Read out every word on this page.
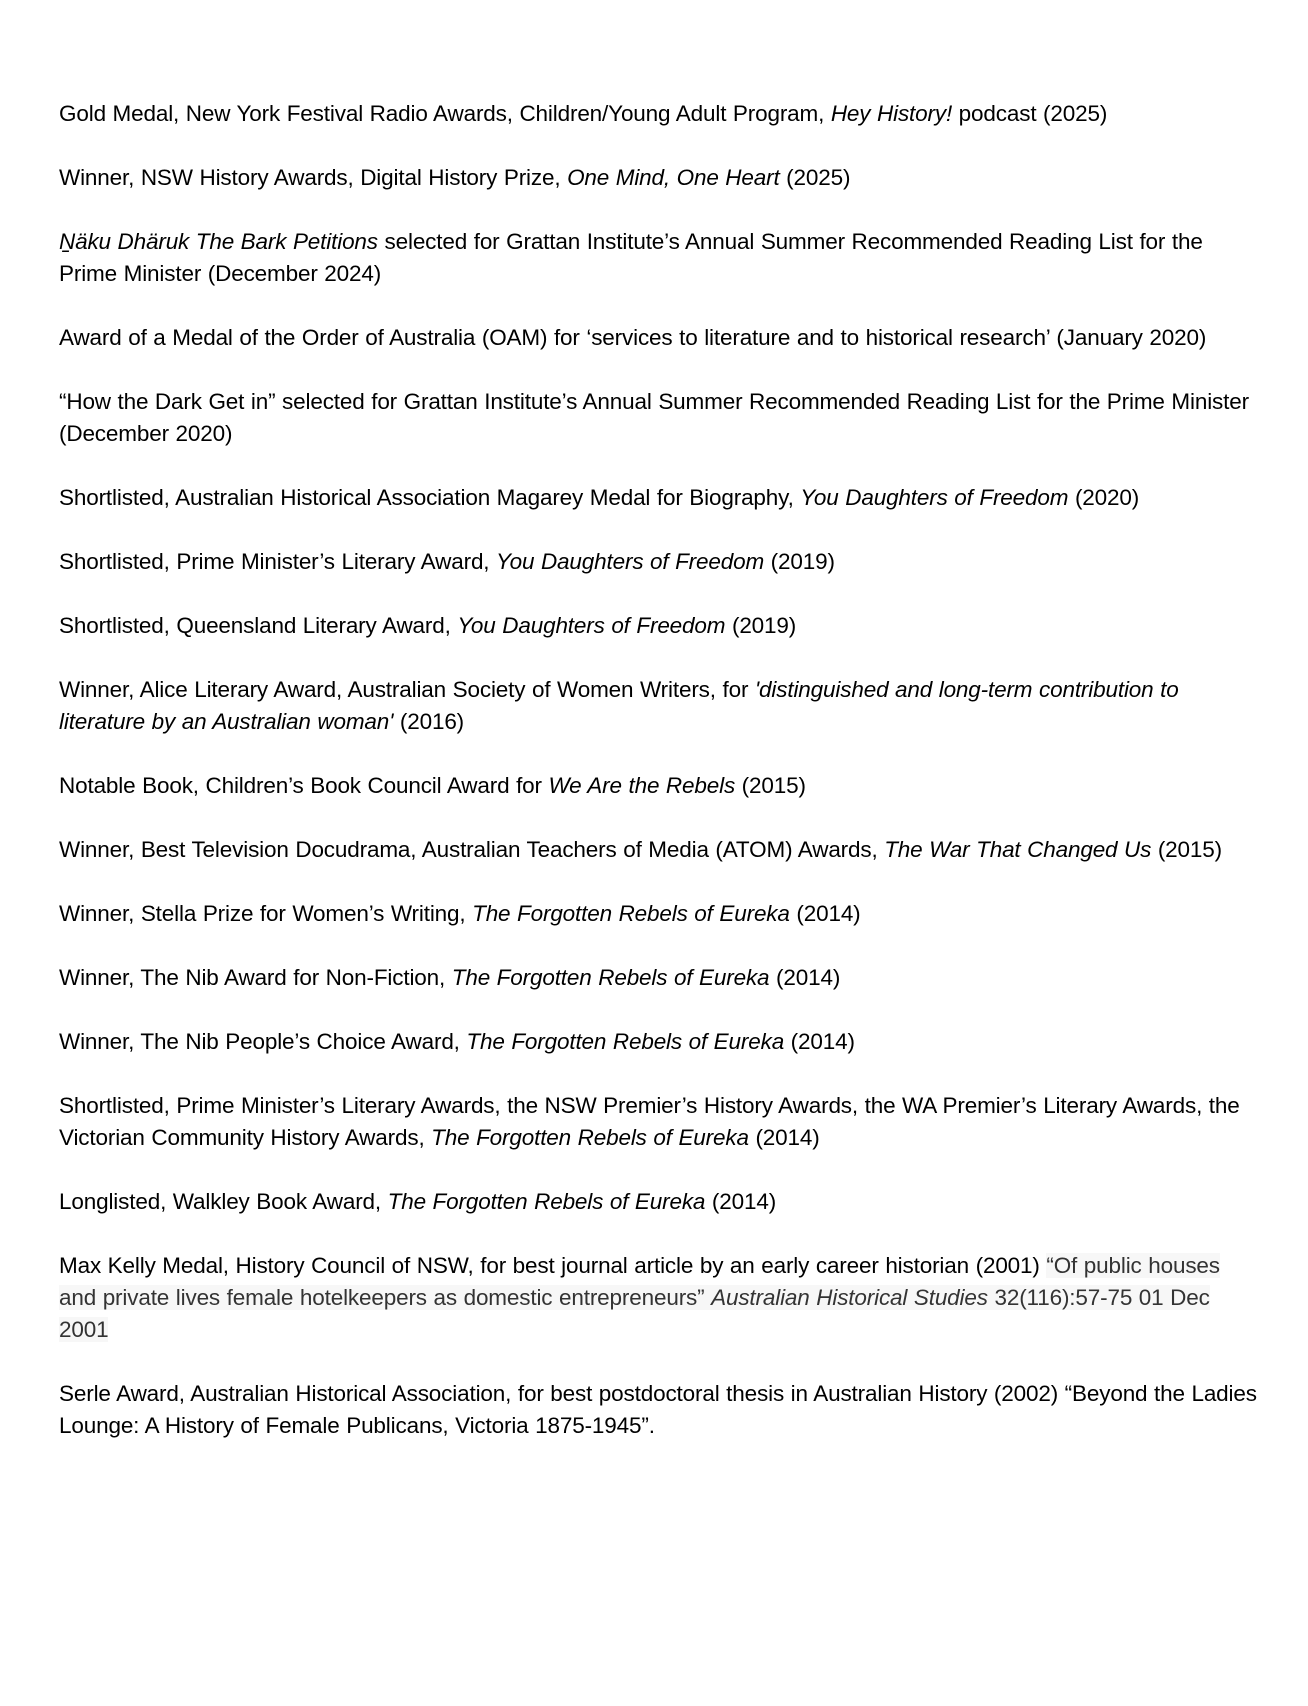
Gold Medal, New York Festival Radio Awards, Children/Young Adult Program, Hey History! podcast (2025)

Winner, NSW History Awards, Digital History Prize, One Mind, One Heart (2025)

Ṉäku Dhäruk The Bark Petitions selected for Grattan Institute’s Annual Summer Recommended Reading List for the Prime Minister (December 2024)

Award of a Medal of the Order of Australia (OAM) for ‘services to literature and to historical research’ (January 2020)

“How the Dark Get in” selected for Grattan Institute’s Annual Summer Recommended Reading List for the Prime Minister (December 2020)

Shortlisted, Australian Historical Association Magarey Medal for Biography, You Daughters of Freedom (2020)

Shortlisted, Prime Minister’s Literary Award, You Daughters of Freedom (2019)

Shortlisted, Queensland Literary Award, You Daughters of Freedom (2019)

Winner, Alice Literary Award, Australian Society of Women Writers, for 'distinguished and long-term contribution to literature by an Australian woman' (2016)

Notable Book, Children’s Book Council Award for We Are the Rebels (2015)

Winner, Best Television Docudrama, Australian Teachers of Media (ATOM) Awards, The War That Changed Us (2015)

Winner, Stella Prize for Women’s Writing, The Forgotten Rebels of Eureka (2014)

Winner, The Nib Award for Non-Fiction, The Forgotten Rebels of Eureka (2014)

Winner, The Nib People’s Choice Award, The Forgotten Rebels of Eureka (2014)

Shortlisted, Prime Minister’s Literary Awards, the NSW Premier’s History Awards, the WA Premier’s Literary Awards, the Victorian Community History Awards, The Forgotten Rebels of Eureka (2014)

Longlisted, Walkley Book Award, The Forgotten Rebels of Eureka (2014)

Max Kelly Medal, History Council of NSW, for best journal article by an early career historian (2001) “Of public houses and private lives female hotelkeepers as domestic entrepreneurs” Australian Historical Studies 32(116):57-75 01 Dec 2001

Serle Award, Australian Historical Association, for best postdoctoral thesis in Australian History (2002) “Beyond the Ladies Lounge: A History of Female Publicans, Victoria 1875-1945”.
